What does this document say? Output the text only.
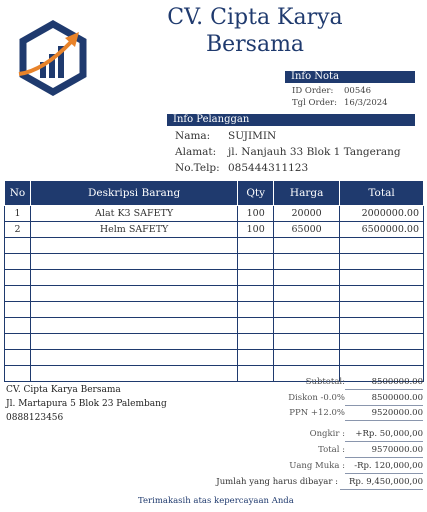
CV. Cipta Karya
Bersama
Info Nota
ID Order: 00546
Tgl Order: 16/3/2024
Info Pelanggan
Nama: SUJIMIN
Alamat: jl. Nanjauh 33 Blok 1 Tangerang
No.Telp: 085444311123
No	Deskripsi Barang	Qty	Harga	Total
1	Alat K3 SAFETY	100	20000	2000000.00
2	Helm SAFETY	100	65000	6500000.00

CV. Cipta Karya Bersama
Jl. Martapura 5 Blok 23 Palembang
0888123456
Subtotal:	8500000.00
Diskon -0.0%	8500000.00
PPN +12.0%	9520000.00
Ongkir :	+Rp. 50,000,00
Total :	9570000.00
Uang Muka :	-Rp. 120,000,00
Jumlah yang harus dibayar :	Rp. 9,450,000,00
Terimakasih atas kepercayaan Anda
